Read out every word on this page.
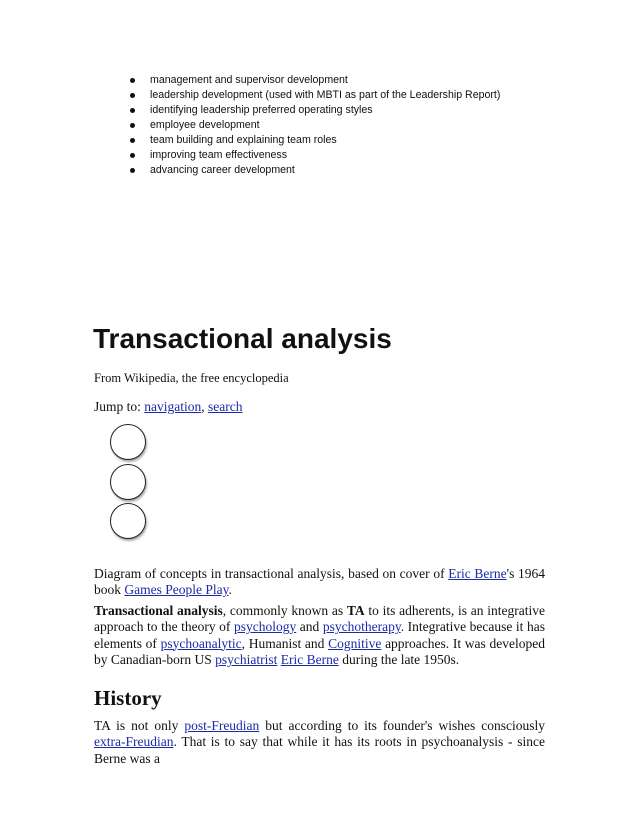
management and supervisor development
leadership development (used with MBTI as part of the Leadership Report)
identifying leadership preferred operating styles
employee development
team building and explaining team roles
improving team effectiveness
advancing career development
Transactional analysis
From Wikipedia, the free encyclopedia
Jump to: navigation, search

Diagram of concepts in transactional analysis, based on cover of Eric Berne's 1964 book Games People Play.

Transactional analysis, commonly known as TA to its adherents, is an integrative approach to the theory of psychology and psychotherapy. Integrative because it has elements of psychoanalytic, Humanist and Cognitive approaches. It was developed by Canadian-born US psychiatrist Eric Berne during the late 1950s.

History

TA is not only post-Freudian but according to its founder's wishes consciously extra-Freudian. That is to say that while it has its roots in psychoanalysis - since Berne was a
